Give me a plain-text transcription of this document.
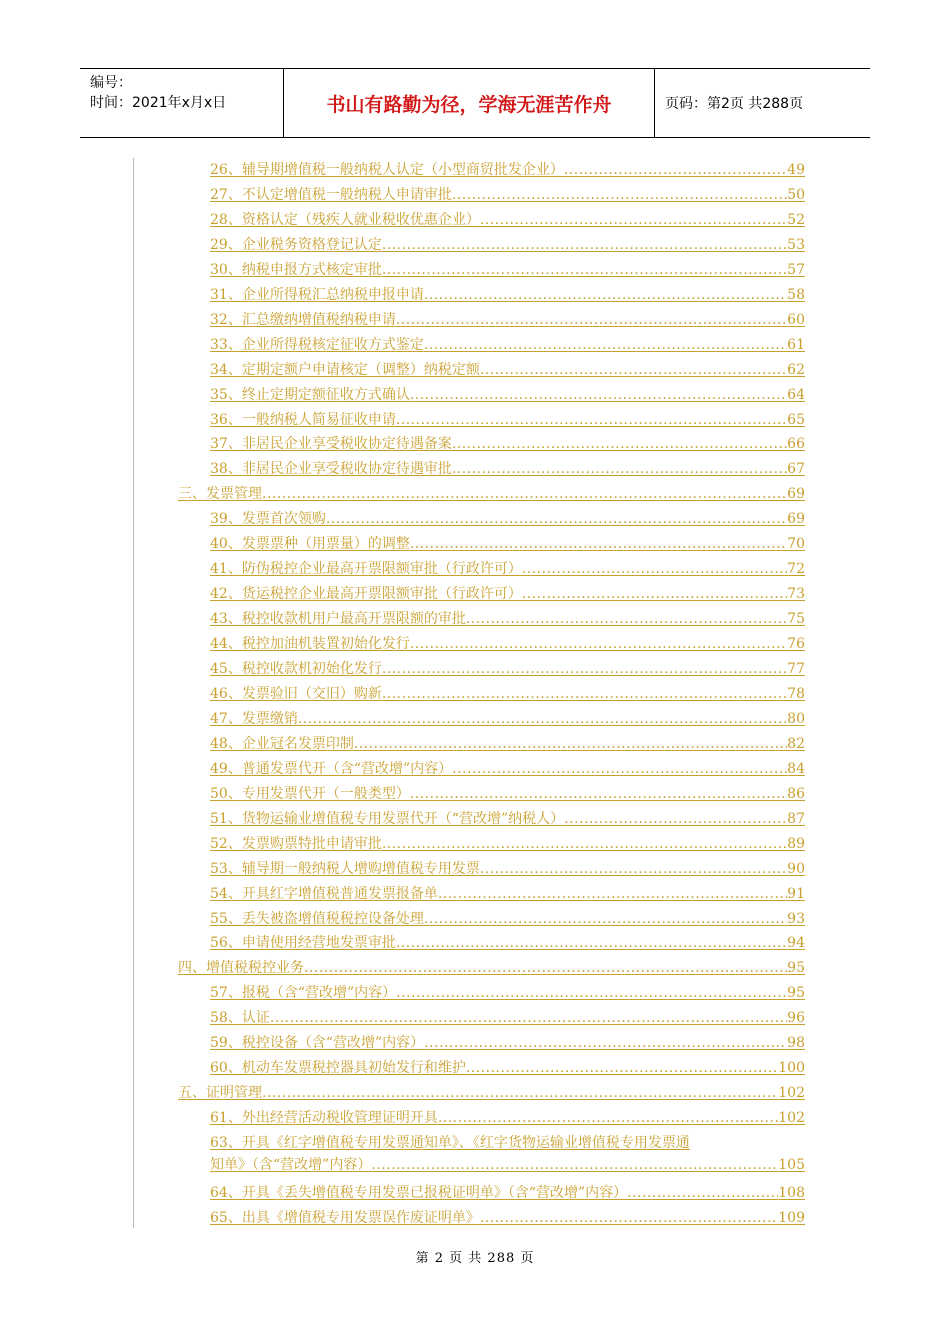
编号：
时间：2021年x月x日	书山有路勤为径，学海无涯苦作舟	页码：第2页 共288页
26、辅导期增值税一般纳税人认定（小型商贸批发企业） .....	49
27、不认定增值税一般纳税人申请审批 .....	50
28、资格认定（残疾人就业税收优惠企业） .....	52
29、企业税务资格登记认定 .....	53
30、纳税申报方式核定审批 .....	57
31、企业所得税汇总纳税申报申请 .....	58
32、汇总缴纳增值税纳税申请 .....	60
33、企业所得税核定征收方式鉴定 .....	61
34、定期定额户申请核定（调整）纳税定额 .....	62
35、终止定期定额征收方式确认 .....	64
36、一般纳税人简易征收申请 .....	65
37、非居民企业享受税收协定待遇备案 .....	66
38、非居民企业享受税收协定待遇审批 .....	67
三、发票管理 .....	69
39、发票首次领购 .....	69
40、发票票种（用票量）的调整 .....	70
41、防伪税控企业最高开票限额审批（行政许可） .....	72
42、货运税控企业最高开票限额审批（行政许可） .....	73
43、税控收款机用户最高开票限额的审批 .....	75
44、税控加油机装置初始化发行 .....	76
45、税控收款机初始化发行 .....	77
46、发票验旧（交旧）购新 .....	78
47、发票缴销 .....	80
48、企业冠名发票印制 .....	82
49、普通发票代开（含“营改增”内容） .....	84
50、专用发票代开（一般类型） .....	86
51、货物运输业增值税专用发票代开（“营改增”纳税人） .....	87
52、发票购票特批申请审批 .....	89
53、辅导期一般纳税人增购增值税专用发票 .....	90
54、开具红字增值税普通发票报备单 .....	91
55、丢失被盗增值税税控设备处理 .....	93
56、申请使用经营地发票审批 .....	94
四、增值税税控业务 .....	95
57、报税（含“营改增”内容） .....	95
58、认证 .....	96
59、税控设备（含“营改增”内容） .....	98
60、机动车发票税控器具初始发行和维护 .....	100
五、证明管理 .....	102
61、外出经营活动税收管理证明开具 .....	102
63、开具《红字增值税专用发票通知单》、《红字货物运输业增值税专用发票通
知单》（含“营改增”内容） .....	105
64、开具《丢失增值税专用发票已报税证明单》（含“营改增”内容） .....	108
65、出具《增值税专用发票误作废证明单》 .....	109
第 2 页 共 288 页
